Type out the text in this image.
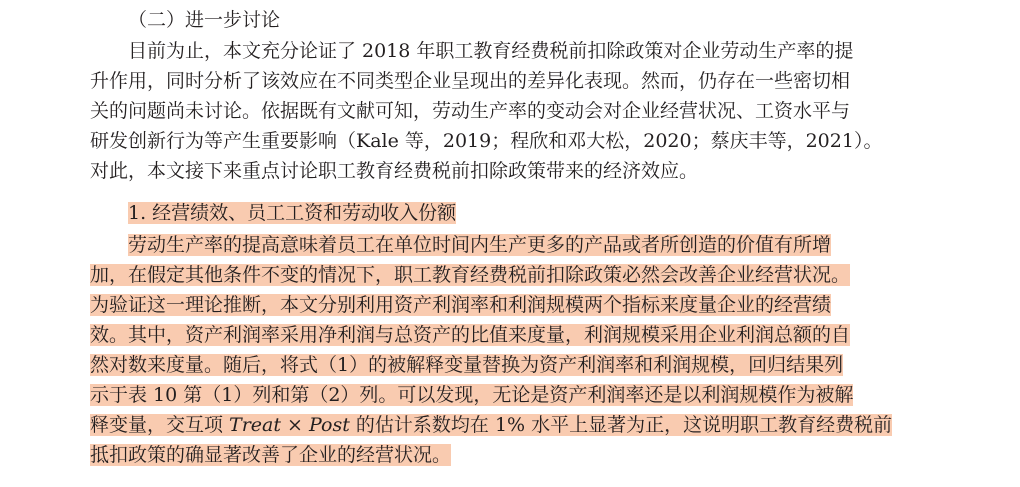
（二）进一步讨论
目前为止，本文充分论证了 2018 年职工教育经费税前扣除政策对企业劳动生产率的提
升作用，同时分析了该效应在不同类型企业呈现出的差异化表现。然而，仍存在一些密切相
关的问题尚未讨论。依据既有文献可知，劳动生产率的变动会对企业经营状况、工资水平与
研发创新行为等产生重要影响（Kale 等，2019；程欣和邓大松，2020；蔡庆丰等，2021）。
对此，本文接下来重点讨论职工教育经费税前扣除政策带来的经济效应。
1. 经营绩效、员工工资和劳动收入份额
劳动生产率的提高意味着员工在单位时间内生产更多的产品或者所创造的价值有所增
加，在假定其他条件不变的情况下，职工教育经费税前扣除政策必然会改善企业经营状况。
为验证这一理论推断，本文分别利用资产利润率和利润规模两个指标来度量企业的经营绩
效。其中，资产利润率采用净利润与总资产的比值来度量，利润规模采用企业利润总额的自
然对数来度量。随后，将式（1）的被解释变量替换为资产利润率和利润规模，回归结果列
示于表 10 第（1）列和第（2）列。可以发现，无论是资产利润率还是以利润规模作为被解
释变量，交互项 Treat × Post 的估计系数均在 1% 水平上显著为正，这说明职工教育经费税前
抵扣政策的确显著改善了企业的经营状况。
